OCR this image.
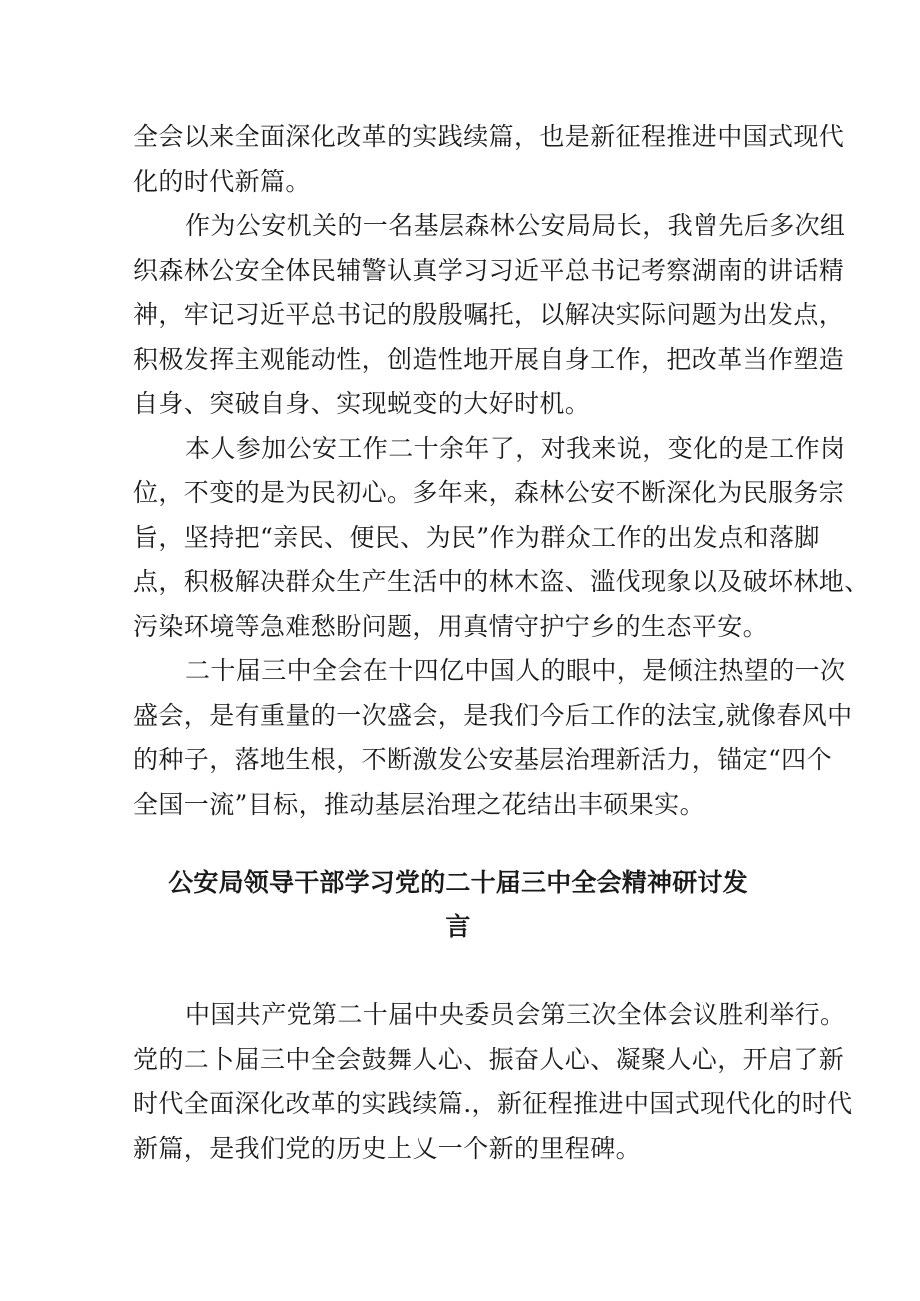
全会以来全面深化改革的实践续篇，也是新征程推进中国式现代
化的时代新篇。
作为公安机关的一名基层森林公安局局长，我曾先后多次组
织森林公安全体民辅警认真学习习近平总书记考察湖南的讲话精
神，牢记习近平总书记的殷殷嘱托，以解决实际问题为出发点，
积极发挥主观能动性，创造性地开展自身工作，把改革当作塑造
自身、突破自身、实现蜕变的大好时机。
本人参加公安工作二十余年了，对我来说，变化的是工作岗
位，不变的是为民初心。多年来，森林公安不断深化为民服务宗
旨，坚持把“亲民、便民、为民”作为群众工作的出发点和落脚
点，积极解决群众生产生活中的林木盗、滥伐现象以及破坏林地、
污染环境等急难愁盼问题，用真情守护宁乡的生态平安。
二十届三中全会在十四亿中国人的眼中，是倾注热望的一次
盛会，是有重量的一次盛会，是我们今后工作的法宝,就像春风中
的种子，落地生根，不断激发公安基层治理新活力，锚定“四个
全国一流”目标，推动基层治理之花结出丰硕果实。
公安局领导干部学习党的二十届三中全会精神研讨发
言
中国共产党第二十届中央委员会第三次全体会议胜利举行。
党的二卜届三中全会鼓舞人心、振奋人心、凝聚人心，开启了新
时代全面深化改革的实践续篇.，新征程推进中国式现代化的时代
新篇，是我们党的历史上乂一个新的里程碑。
